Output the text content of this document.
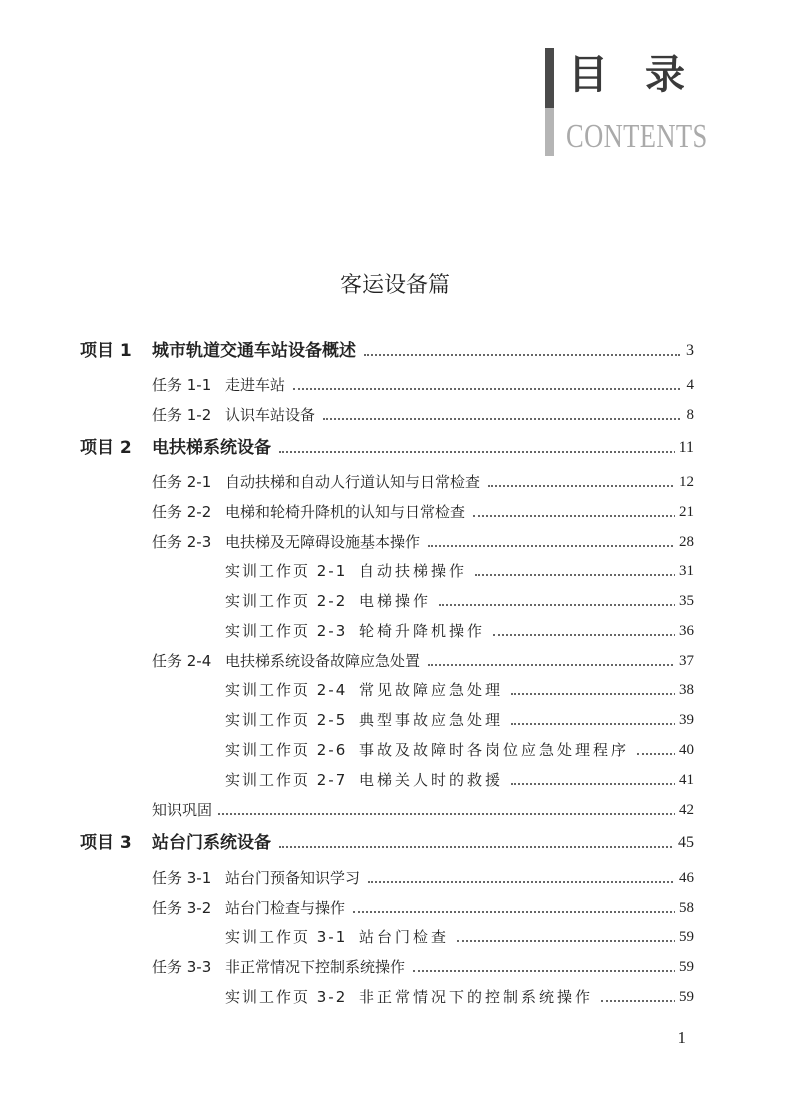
目 录
CONTENTS
客运设备篇
项目 1 城市轨道交通车站设备概述	3
任务 1-1 走进车站	4
任务 1-2 认识车站设备	8
项目 2 电扶梯系统设备	11
任务 2-1 自动扶梯和自动人行道认知与日常检查	12
任务 2-2 电梯和轮椅升降机的认知与日常检查	21
任务 2-3 电扶梯及无障碍设施基本操作	28
实训工作页 2-1 自动扶梯操作	31
实训工作页 2-2 电梯操作	35
实训工作页 2-3 轮椅升降机操作	36
任务 2-4 电扶梯系统设备故障应急处置	37
实训工作页 2-4 常见故障应急处理	38
实训工作页 2-5 典型事故应急处理	39
实训工作页 2-6 事故及故障时各岗位应急处理程序	40
实训工作页 2-7 电梯关人时的救援	41
知识巩固	42
项目 3 站台门系统设备	45
任务 3-1 站台门预备知识学习	46
任务 3-2 站台门检查与操作	58
实训工作页 3-1 站台门检查	59
任务 3-3 非正常情况下控制系统操作	59
实训工作页 3-2 非正常情况下的控制系统操作	59
1
